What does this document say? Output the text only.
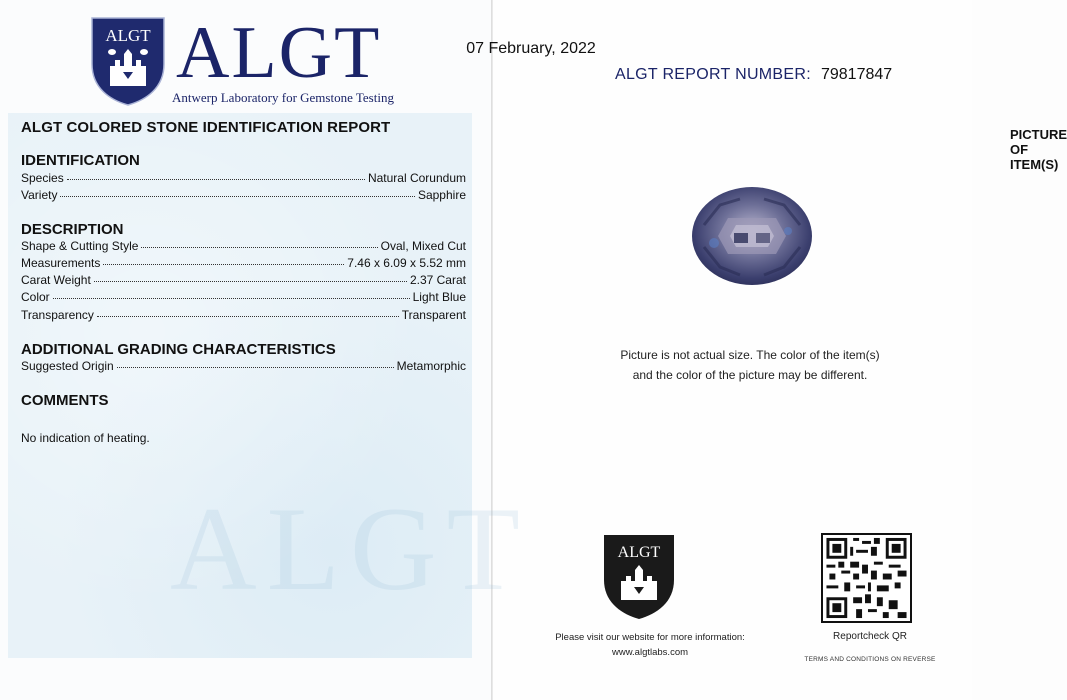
ALGT ALGT
Antwerp Laboratory for Gemstone Testing
ALGT
ALGT COLORED STONE IDENTIFICATION REPORT
IDENTIFICATION
Species	Natural Corundum
Variety	Sapphire
DESCRIPTION
Shape & Cutting Style	Oval, Mixed Cut
Measurements	7.46 x 6.09 x 5.52 mm
Carat Weight	2.37 Carat
Color	Light Blue
Transparency	Transparent
ADDITIONAL GRADING CHARACTERISTICS
Suggested Origin	Metamorphic
COMMENTS
No indication of heating.
07 February, 2022
ALGT REPORT NUMBER: 79817847
PICTURE OF ITEM(S)
Picture is not actual size. The color of the item(s)
and the color of the picture may be different.
ALGT
Please visit our website for more information:
www.algtlabs.com
Reportcheck QR
TERMS AND CONDITIONS ON REVERSE
